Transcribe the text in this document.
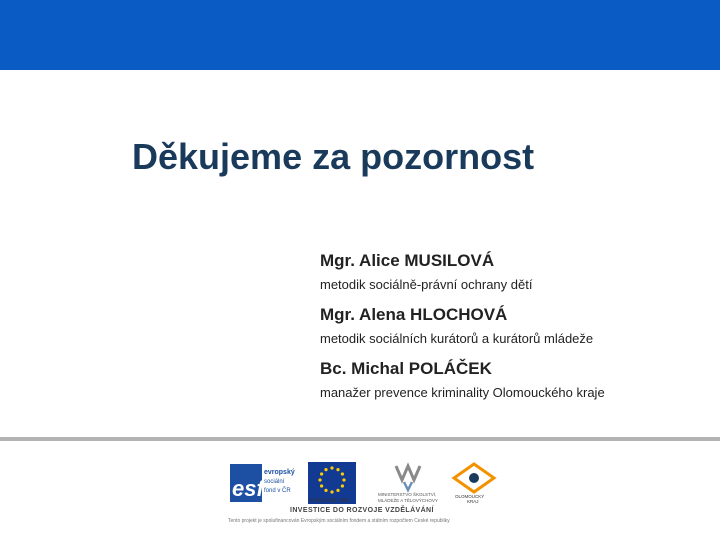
Děkujeme za pozornost
Mgr. Alice MUSILOVÁ
metodik sociálně-právní ochrany dětí
Mgr. Alena HLOCHOVÁ
metodik sociálních kurátorů a kurátorů mládeže
Bc. Michal POLÁČEK
manažer prevence kriminality Olomouckého kraje
esf
evropský
sociální
fond v ČR
EVROPSKÁ UNIE
MINISTERSTVO ŠKOLSTVÍ,
MLÁDEŽE A TĚLOVÝCHOVY
OLOMOUCKÝ
KRAJ
INVESTICE DO ROZVOJE VZDĚLÁVÁNÍ
Tento projekt je spolufinancován Evropským sociálním fondem a státním rozpočtem České republiky
